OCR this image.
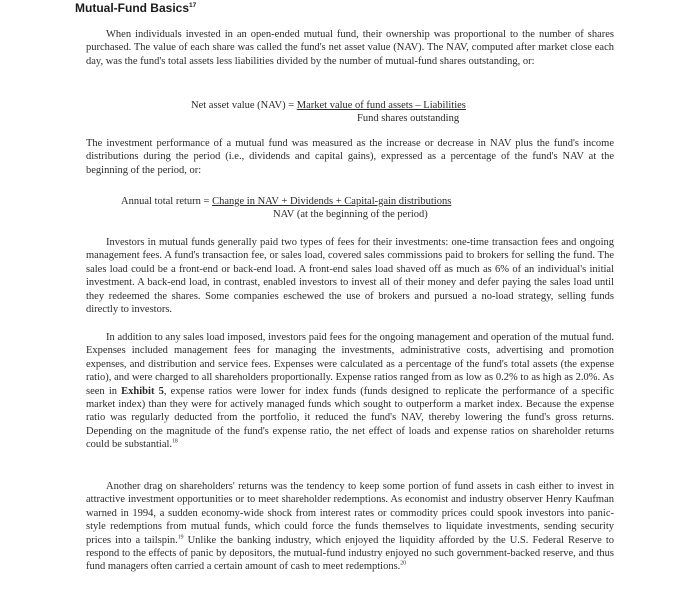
Mutual-Fund Basics$^{17}$

When individuals invested in an open-ended mutual fund, their ownership was proportional to the number of shares purchased. The value of each share was called the fund's net asset value (NAV). The NAV, computed after market close each day, was the fund's total assets less liabilities divided by the number of mutual-fund shares outstanding, or:

Net asset value (NAV) = Market value of fund assets – Liabilities
Fund shares outstanding

The investment performance of a mutual fund was measured as the increase or decrease in NAV plus the fund's income distributions during the period (i.e., dividends and capital gains), expressed as a percentage of the fund's NAV at the beginning of the period, or:

Annual total return = Change in NAV + Dividends + Capital-gain distributions
NAV (at the beginning of the period)

Investors in mutual funds generally paid two types of fees for their investments: one-time transaction fees and ongoing management fees. A fund's transaction fee, or sales load, covered sales commissions paid to brokers for selling the fund. The sales load could be a front-end or back-end load. A front-end sales load shaved off as much as 6% of an individual's initial investment. A back-end load, in contrast, enabled investors to invest all of their money and defer paying the sales load until they redeemed the shares. Some companies eschewed the use of brokers and pursued a no-load strategy, selling funds directly to investors.

In addition to any sales load imposed, investors paid fees for the ongoing management and operation of the mutual fund. Expenses included management fees for managing the investments, administrative costs, advertising and promotion expenses, and distribution and service fees. Expenses were calculated as a percentage of the fund's total assets (the expense ratio), and were charged to all shareholders proportionally. Expense ratios ranged from as low as 0.2% to as high as 2.0%. As seen in Exhibit 5, expense ratios were lower for index funds (funds designed to replicate the performance of a specific market index) than they were for actively managed funds which sought to outperform a market index. Because the expense ratio was regularly deducted from the portfolio, it reduced the fund's NAV, thereby lowering the fund's gross returns. Depending on the magnitude of the fund's expense ratio, the net effect of loads and expense ratios on shareholder returns could be substantial.$^{18}$

Another drag on shareholders' returns was the tendency to keep some portion of fund assets in cash either to invest in attractive investment opportunities or to meet shareholder redemptions. As economist and industry observer Henry Kaufman warned in 1994, a sudden economy-wide shock from interest rates or commodity prices could spook investors into panic-style redemptions from mutual funds, which could force the funds themselves to liquidate investments, sending security prices into a tailspin.$^{19}$ Unlike the banking industry, which enjoyed the liquidity afforded by the U.S. Federal Reserve to respond to the effects of panic by depositors, the mutual-fund industry enjoyed no such government-backed reserve, and thus fund managers often carried a certain amount of cash to meet redemptions.$^{20}$
